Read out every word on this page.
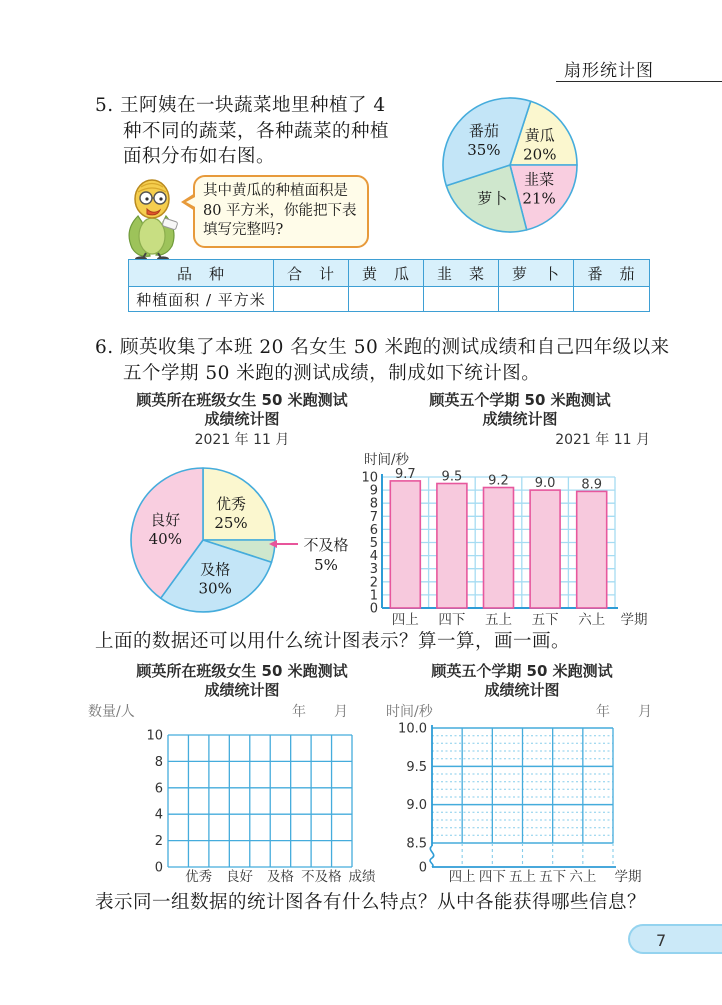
扇形统计图
5. 王阿姨在一块蔬菜地里种植了 4
种不同的蔬菜，各种蔬菜的种植
面积分布如右图。
黄瓜 20%
韭菜 21%
萝卜
番茄 35%
其中黄瓜的种植面积是 80 平方米，你能把下表填写完整吗?
品　种	合　计	黄　瓜	韭　菜	萝　卜	番　茄
种植面积 / 平方米					
6. 顾英收集了本班 20 名女生 50 米跑的测试成绩和自己四年级以来
五个学期 50 米跑的测试成绩，制成如下统计图。
顾英所在班级女生 50 米跑测试
成绩统计图
2021 年 11 月
顾英五个学期 50 米跑测试
成绩统计图
2021 年 11 月
优秀 25%
及格 30%
良好 40%	不及格
5%
9.7 9.5 9.2 9.0 8.9
0
1
2
3
4
5
6
7
8
9
10
四上 四下 五上 五下 六上 学期
时间/秒
上面的数据还可以用什么统计图表示？算一算，画一画。
顾英所在班级女生 50 米跑测试
成绩统计图
顾英五个学期 50 米跑测试
成绩统计图
数量/人	年　　月	时间/秒	年　　月
0
2
4
6
8
10
优秀 良好 及格 不及格 成绩
10.0
9.5
9.0
8.5
0
四上 四下 五上 五下 六上 学期
表示同一组数据的统计图各有什么特点？从中各能获得哪些信息？
7
